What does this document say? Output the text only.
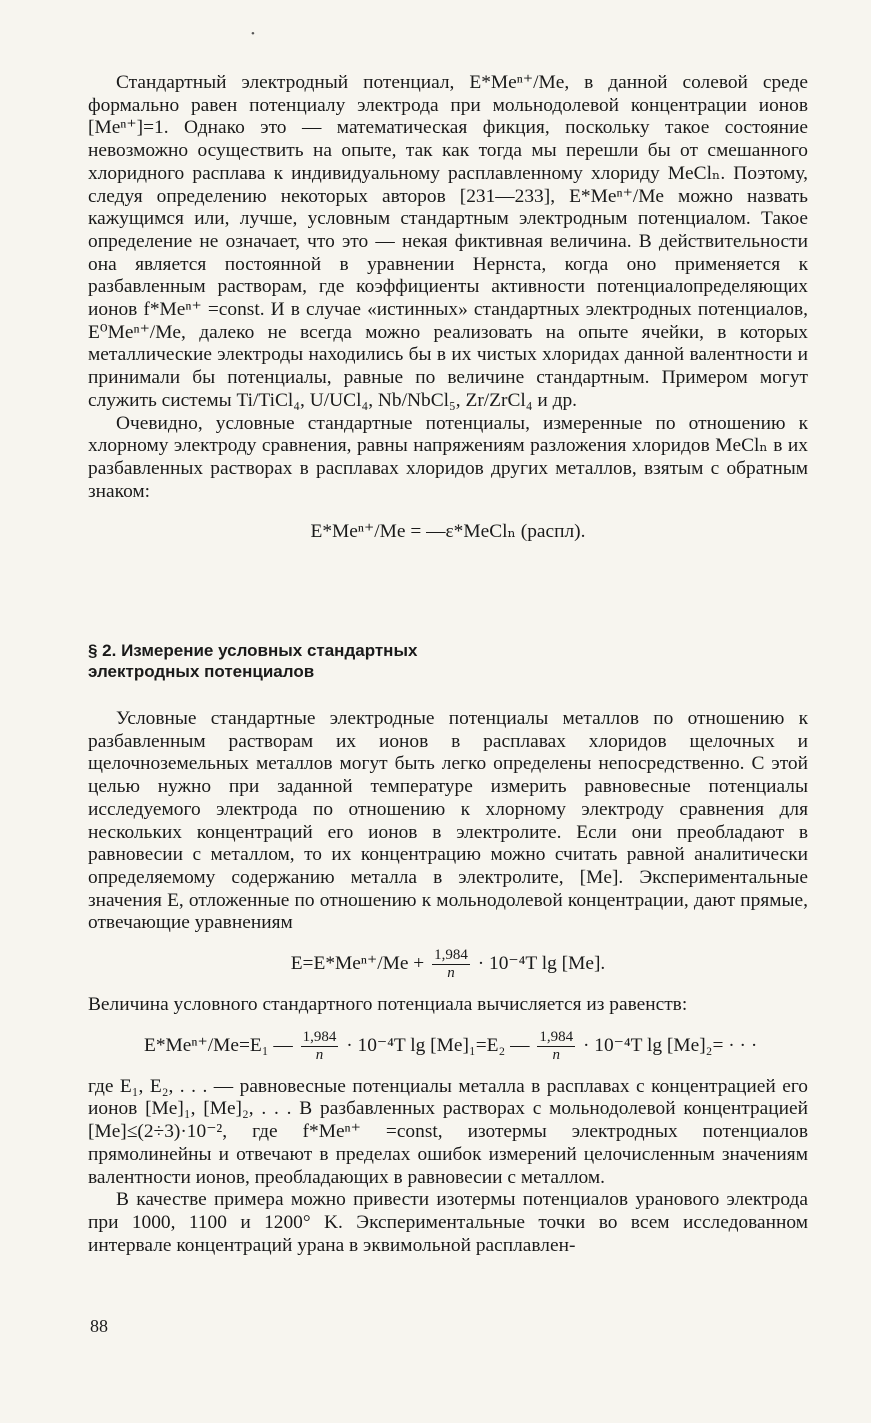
•

Стандартный электродный потенциал, E*Meⁿ⁺/Me, в данной солевой среде формально равен потенциалу электрода при мольнодолевой концентрации ионов [Meⁿ⁺]=1. Однако это — математическая фикция, поскольку такое состояние невозможно осуществить на опыте, так как тогда мы перешли бы от смешанного хлоридного расплава к индивидуальному расплавленному хлориду MeClₙ. Поэтому, следуя определению некоторых авторов [231—233], E*Meⁿ⁺/Me можно назвать кажущимся или, лучше, условным стандартным электродным потенциалом. Такое определение не означает, что это — некая фиктивная величина. В действительности она является постоянной в уравнении Нернста, когда оно применяется к разбавленным растворам, где коэффициенты активности потенциалопределяющих ионов f*Meⁿ⁺ =const. И в случае «истинных» стандартных электродных потенциалов, E⁰Meⁿ⁺/Me, далеко не всегда можно реализовать на опыте ячейки, в которых металлические электроды находились бы в их чистых хлоридах данной валентности и принимали бы потенциалы, равные по величине стандартным. Примером могут служить системы Ti/TiCl₄, U/UCl₄, Nb/NbCl₅, Zr/ZrCl₄ и др.

Очевидно, условные стандартные потенциалы, измеренные по отношению к хлорному электроду сравнения, равны напряжениям разложения хлоридов MeClₙ в их разбавленных растворах в расплавах хлоридов других металлов, взятым с обратным знаком:

E*Meⁿ⁺/Me = —ε*MeClₙ (распл).

§ 2. Измерение условных стандартных

электродных потенциалов

Условные стандартные электродные потенциалы металлов по отношению к разбавленным растворам их ионов в расплавах хлоридов щелочных и щелочноземельных металлов могут быть легко определены непосредственно. С этой целью нужно при заданной температуре измерить равновесные потенциалы исследуемого электрода по отношению к хлорному электроду сравнения для нескольких концентраций его ионов в электролите. Если они преобладают в равновесии с металлом, то их концентрацию можно считать равной аналитически определяемому содержанию металла в электролите, [Me]. Экспериментальные значения E, отложенные по отношению к мольнодолевой концентрации, дают прямые, отвечающие уравнениям

$E=E*Me^{n+}/Me + \frac{1,984}{n} \cdot 10^{-4}T$ lg [Me].

Величина условного стандартного потенциала вычисляется из равенств:

E*Meⁿ⁺/Me=E₁ — $\frac{1,984}{n} \cdot 10^{-4}T$ lg [Me]₁=E₂ — $\frac{1,984}{n} \cdot 10^{-4}T$ lg [Me]₂= · · ·

где E₁, E₂, . . . — равновесные потенциалы металла в расплавах с концентрацией его ионов [Me]₁, [Me]₂, . . . В разбавленных растворах с мольнодолевой концентрацией [Me]≤(2÷3)·10⁻², где f*Meⁿ⁺ =const, изотермы электродных потенциалов прямолинейны и отвечают в пределах ошибок измерений целочисленным значениям валентности ионов, преобладающих в равновесии с металлом.

В качестве примера можно привести изотермы потенциалов уранового электрода при 1000, 1100 и 1200° K. Экспериментальные точки во всем исследованном интервале концентраций урана в эквимольной расплавлен-

88
